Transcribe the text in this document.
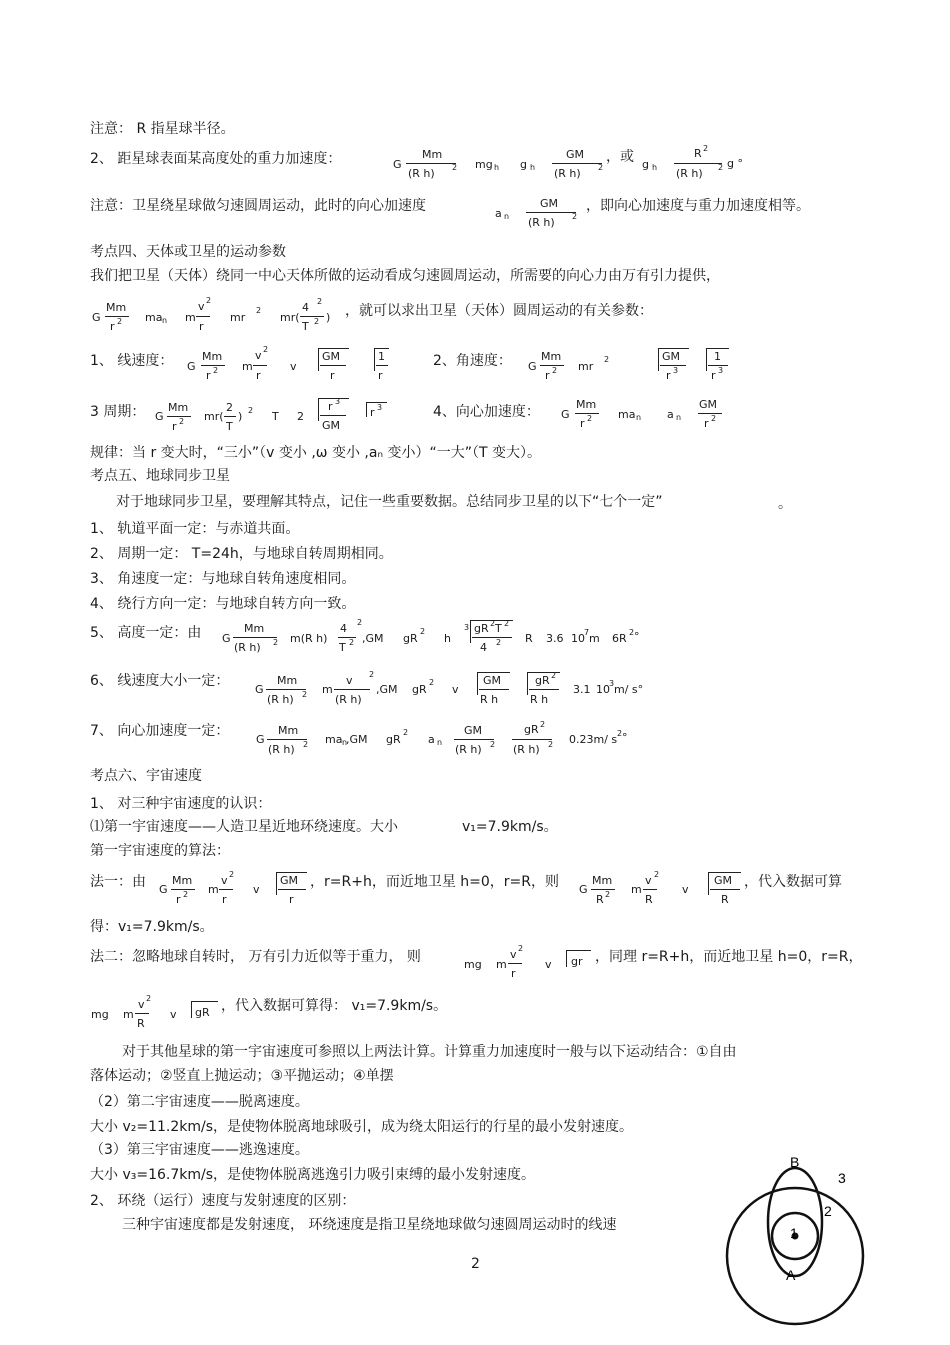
注意： R 指星球半径。
2、 距星球表面某高度处的重力加速度：	G
Mm
(R h) 2 mg h g h
GM
(R h) 2
，或 g h
R 2
(R h) 2 g °
注意：卫星绕星球做匀速圆周运动，此时的向心加速度	a n
GM
(R h) 2
，即向心加速度与重力加速度相等。
考点四、天体或卫星的运动参数
我们把卫星（天体）绕同一中心天体所做的运动看成匀速圆周运动，所需要的向心力由万有引力提供，
G
Mm
r 2 ma n m
v 2
r
mr
2
mr(
4 2
T 2 ) ，就可以求出卫星（天体）圆周运动的有关参数：
1、 线速度： G
Mm
r 2 m
v 2
r
v
GM
r
1
r
2、角速度： G
Mm
r 2 mr
2	GM
r 3
1
r 3
3 周期： G
Mm
r 2 mr(
2
T
) 2 T 2
r 3
GM
r 3	4、向心加速度： G
Mm
r 2 ma n a n
GM
r 2
规律：当 r 变大时，“三小”（v 变小 ,ω 变小 ,aₙ 变小）“一大”（T 变大）。
考点五、地球同步卫星
对于地球同步卫星，要理解其特点，记住一些重要数据。总结同步卫星的以下“七个一定”	。
1、 轨道平面一定：与赤道共面。
2、 周期一定： T=24h，与地球自转周期相同。
3、 角速度一定：与地球自转角速度相同。
4、 绕行方向一定：与地球自转方向一致。
5、 高度一定：由 G
Mm
(R h) 2 m(R h)
4 2
T 2 ,GM gR
2
h
3 gR 2 T 2
4 2 R 3.6 10 7 m 6R 2 °
6、 线速度大小一定：
G
Mm
(R h) 2 m
v 2
(R h)
,GM gR
2
v
GM
R h
gR 2
R h
3.1 10 3 m/ s°
7、 向心加速度一定：
G
Mm
(R h) 2 ma n
,GM gR
2
a n
GM
(R h) 2
gR 2
(R h) 2 0.23m/ s 2 °
考点六、宇宙速度
1、 对三种宇宙速度的认识：
⑴第一宇宙速度——人造卫星近地环绕速度。大小	v₁=7.9km/s。
第一宇宙速度的算法：
法一：由 G
Mm
r 2 m
v 2
r
v
GM
r
，r=R+h，而近地卫星 h=0，r=R，则 G
Mm
R 2 m
v 2
R
v
GM
R
，代入数据可算
得：v₁=7.9km/s。
法二：忽略地球自转时， 万有引力近似等于重力， 则	mg m
v 2
r
v gr ，同理 r=R+h，而近地卫星 h=0，r=R，
mg m
v 2
R
v gR ，代入数据可算得： v₁=7.9km/s。
对于其他星球的第一宇宙速度可参照以上两法计算。计算重力加速度时一般与以下运动结合：①自由
落体运动；②竖直上抛运动；③平抛运动；④单摆
（2）第二宇宙速度——脱离速度。
大小 v₂=11.2km/s，是使物体脱离地球吸引，成为绕太阳运行的行星的最小发射速度。
（3）第三宇宙速度——逃逸速度。
大小 v₃=16.7km/s，是使物体脱离逃逸引力吸引束缚的最小发射速度。
2、 环绕（运行）速度与发射速度的区别：
三种宇宙速度都是发射速度， 环绕速度是指卫星绕地球做匀速圆周运动时的线速
2
B
A
1
2
3
